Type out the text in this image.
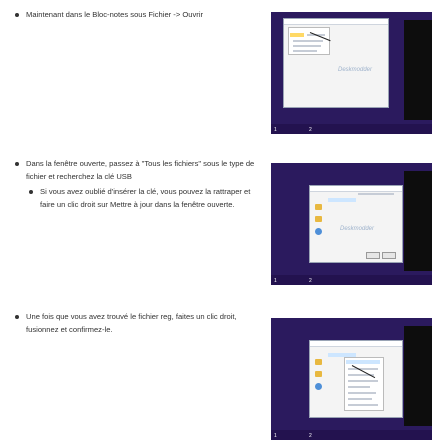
Maintenant dans le Bloc-notes sous Fichier -> Ouvrir
Deskmodder
1	2
Dans la fenêtre ouverte, passez à "Tous les fichiers" sous le type de fichier et recherchez la clé USB
Si vous avez oublié d'insérer la clé, vous pouvez la rattraper et faire un clic droit sur Mettre à jour dans la fenêtre ouverte.
Deskmodder
1	2
Une fois que vous avez trouvé le fichier reg, faites un clic droit, fusionnez et confirmez-le.
1	2
